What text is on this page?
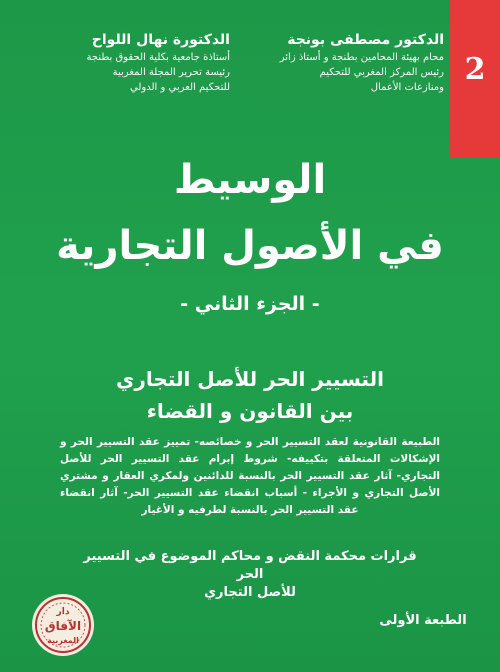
2
الدكتور مصطفى بونجة
محام بهيئة المحامين بطنجة و أستاذ زائر
رئيس المركز المغربي للتحكيم
ومنازعات الأعمال
الدكتورة نهال اللواح
أستاذة جامعية بكلية الحقوق بطنجة
رئيسة تحرير المجلة المغربية
للتحكيم العربي و الدولي
الوسيط
في الأصول التجارية
- الجزء الثاني -
التسيير الحر للأصل التجاري
بين القانون و القضاء
الطبيعة القانونية لعقد التسيير الحر و خصائصه- تمييز عقد التسيير الحر و الإشكالات المتعلقة بتكييفه- شروط إبرام عقد التسيير الحر للأصل التجاري- آثار عقد التسيير الحر بالنسبة للدائنين ولمكري العقار و مشتري الأصل التجاري و الأجراء - أسباب انقضاء عقد التسيير الحر- آثار انقضاء عقد التسيير الحر بالنسبة لطرفيه و الأغيار
قرارات محكمة النقض و محاكم الموضوع في التسيير الحر
للأصل التجاري
الطبعة الأولى
دار
الآفاق
المغربية
